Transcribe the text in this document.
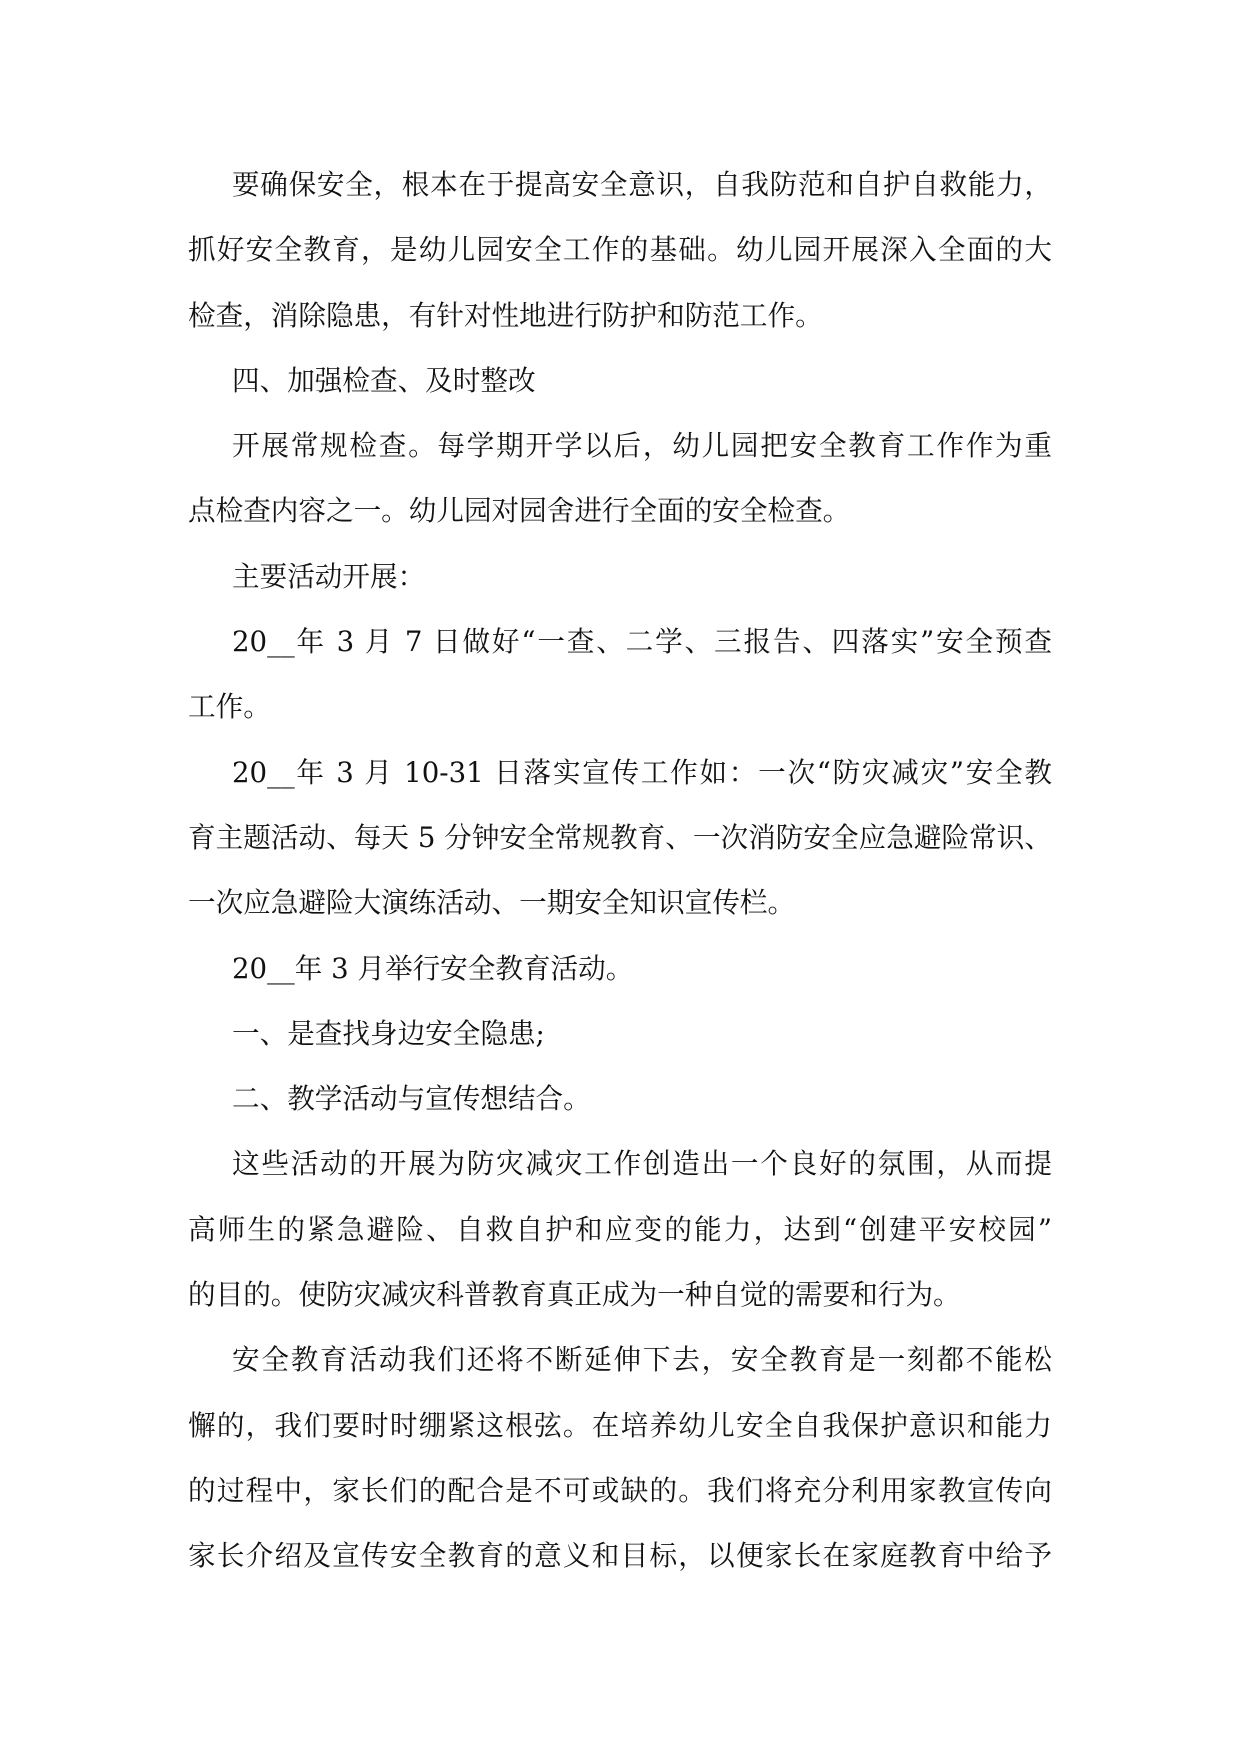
要确保安全，根本在于提高安全意识，自我防范和自护自救能力，
抓好安全教育，是幼儿园安全工作的基础。幼儿园开展深入全面的大
检查，消除隐患，有针对性地进行防护和防范工作。
四、加强检查、及时整改
开展常规检查。每学期开学以后，幼儿园把安全教育工作作为重
点检查内容之一。幼儿园对园舍进行全面的安全检查。
主要活动开展：
20__年 3 月 7 日做好“一查、二学、三报告、四落实”安全预查
工作。
20__年 3 月 10-31 日落实宣传工作如：一次“防灾减灾”安全教
育主题活动、每天 5 分钟安全常规教育、一次消防安全应急避险常识、
一次应急避险大演练活动、一期安全知识宣传栏。
20__年 3 月举行安全教育活动。
一、是查找身边安全隐患;
二、教学活动与宣传想结合。
这些活动的开展为防灾减灾工作创造出一个良好的氛围，从而提
高师生的紧急避险、自救自护和应变的能力，达到“创建平安校园”
的目的。使防灾减灾科普教育真正成为一种自觉的需要和行为。
安全教育活动我们还将不断延伸下去，安全教育是一刻都不能松
懈的，我们要时时绷紧这根弦。在培养幼儿安全自我保护意识和能力
的过程中，家长们的配合是不可或缺的。我们将充分利用家教宣传向
家长介绍及宣传安全教育的意义和目标，以便家长在家庭教育中给予
